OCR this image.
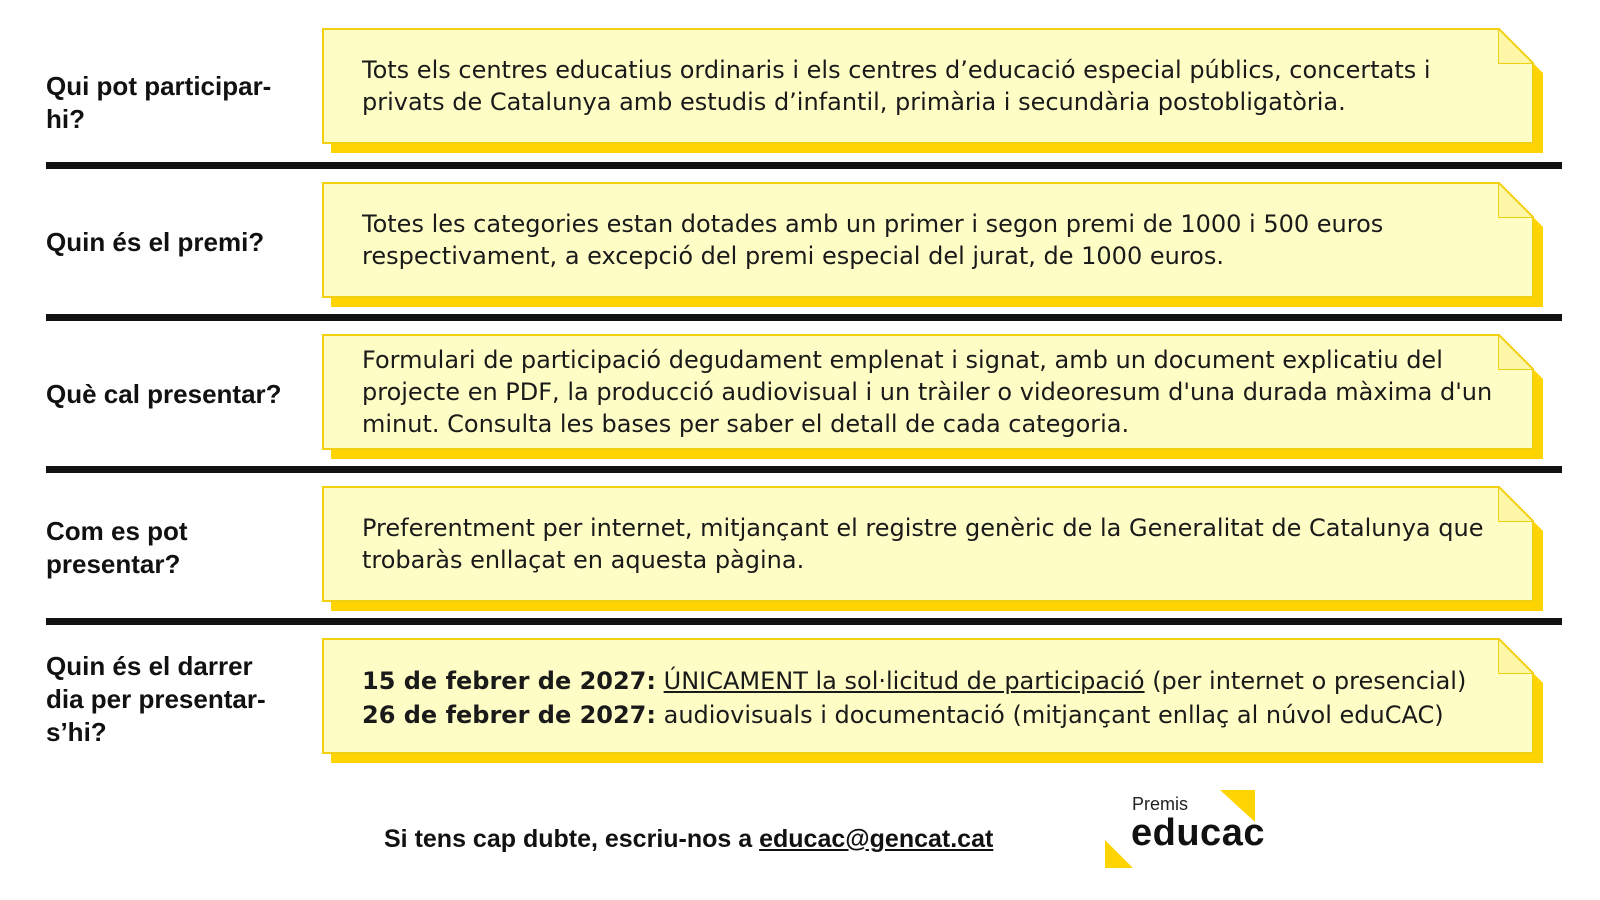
Qui pot participar-hi?
Tots els centres educatius ordinaris i els centres d’educació especial públics, concertats i privats de Catalunya amb estudis d’infantil, primària i secundària postobligatòria.
Quin és el premi?
Totes les categories estan dotades amb un primer i segon premi de 1000 i 500 euros respectivament, a excepció del premi especial del jurat, de 1000 euros.
Què cal presentar?
Formulari de participació degudament emplenat i signat, amb un document explicatiu del projecte en PDF, la producció audiovisual i un tràiler o videoresum d'una durada màxima d'un minut. Consulta les bases per saber el detall de cada categoria.
Com es pot presentar?
Preferentment per internet, mitjançant el registre genèric de la Generalitat de Catalunya que trobaràs enllaçat en aquesta pàgina.
Quin és el darrer dia per presentar-s’hi?
15 de febrer de 2027: ÚNICAMENT la sol·licitud de participació (per internet o presencial)
26 de febrer de 2027: audiovisuals i documentació (mitjançant enllaç al núvol eduCAC)
Si tens cap dubte, escriu-nos a educac@gencat.cat
Premis
educac
